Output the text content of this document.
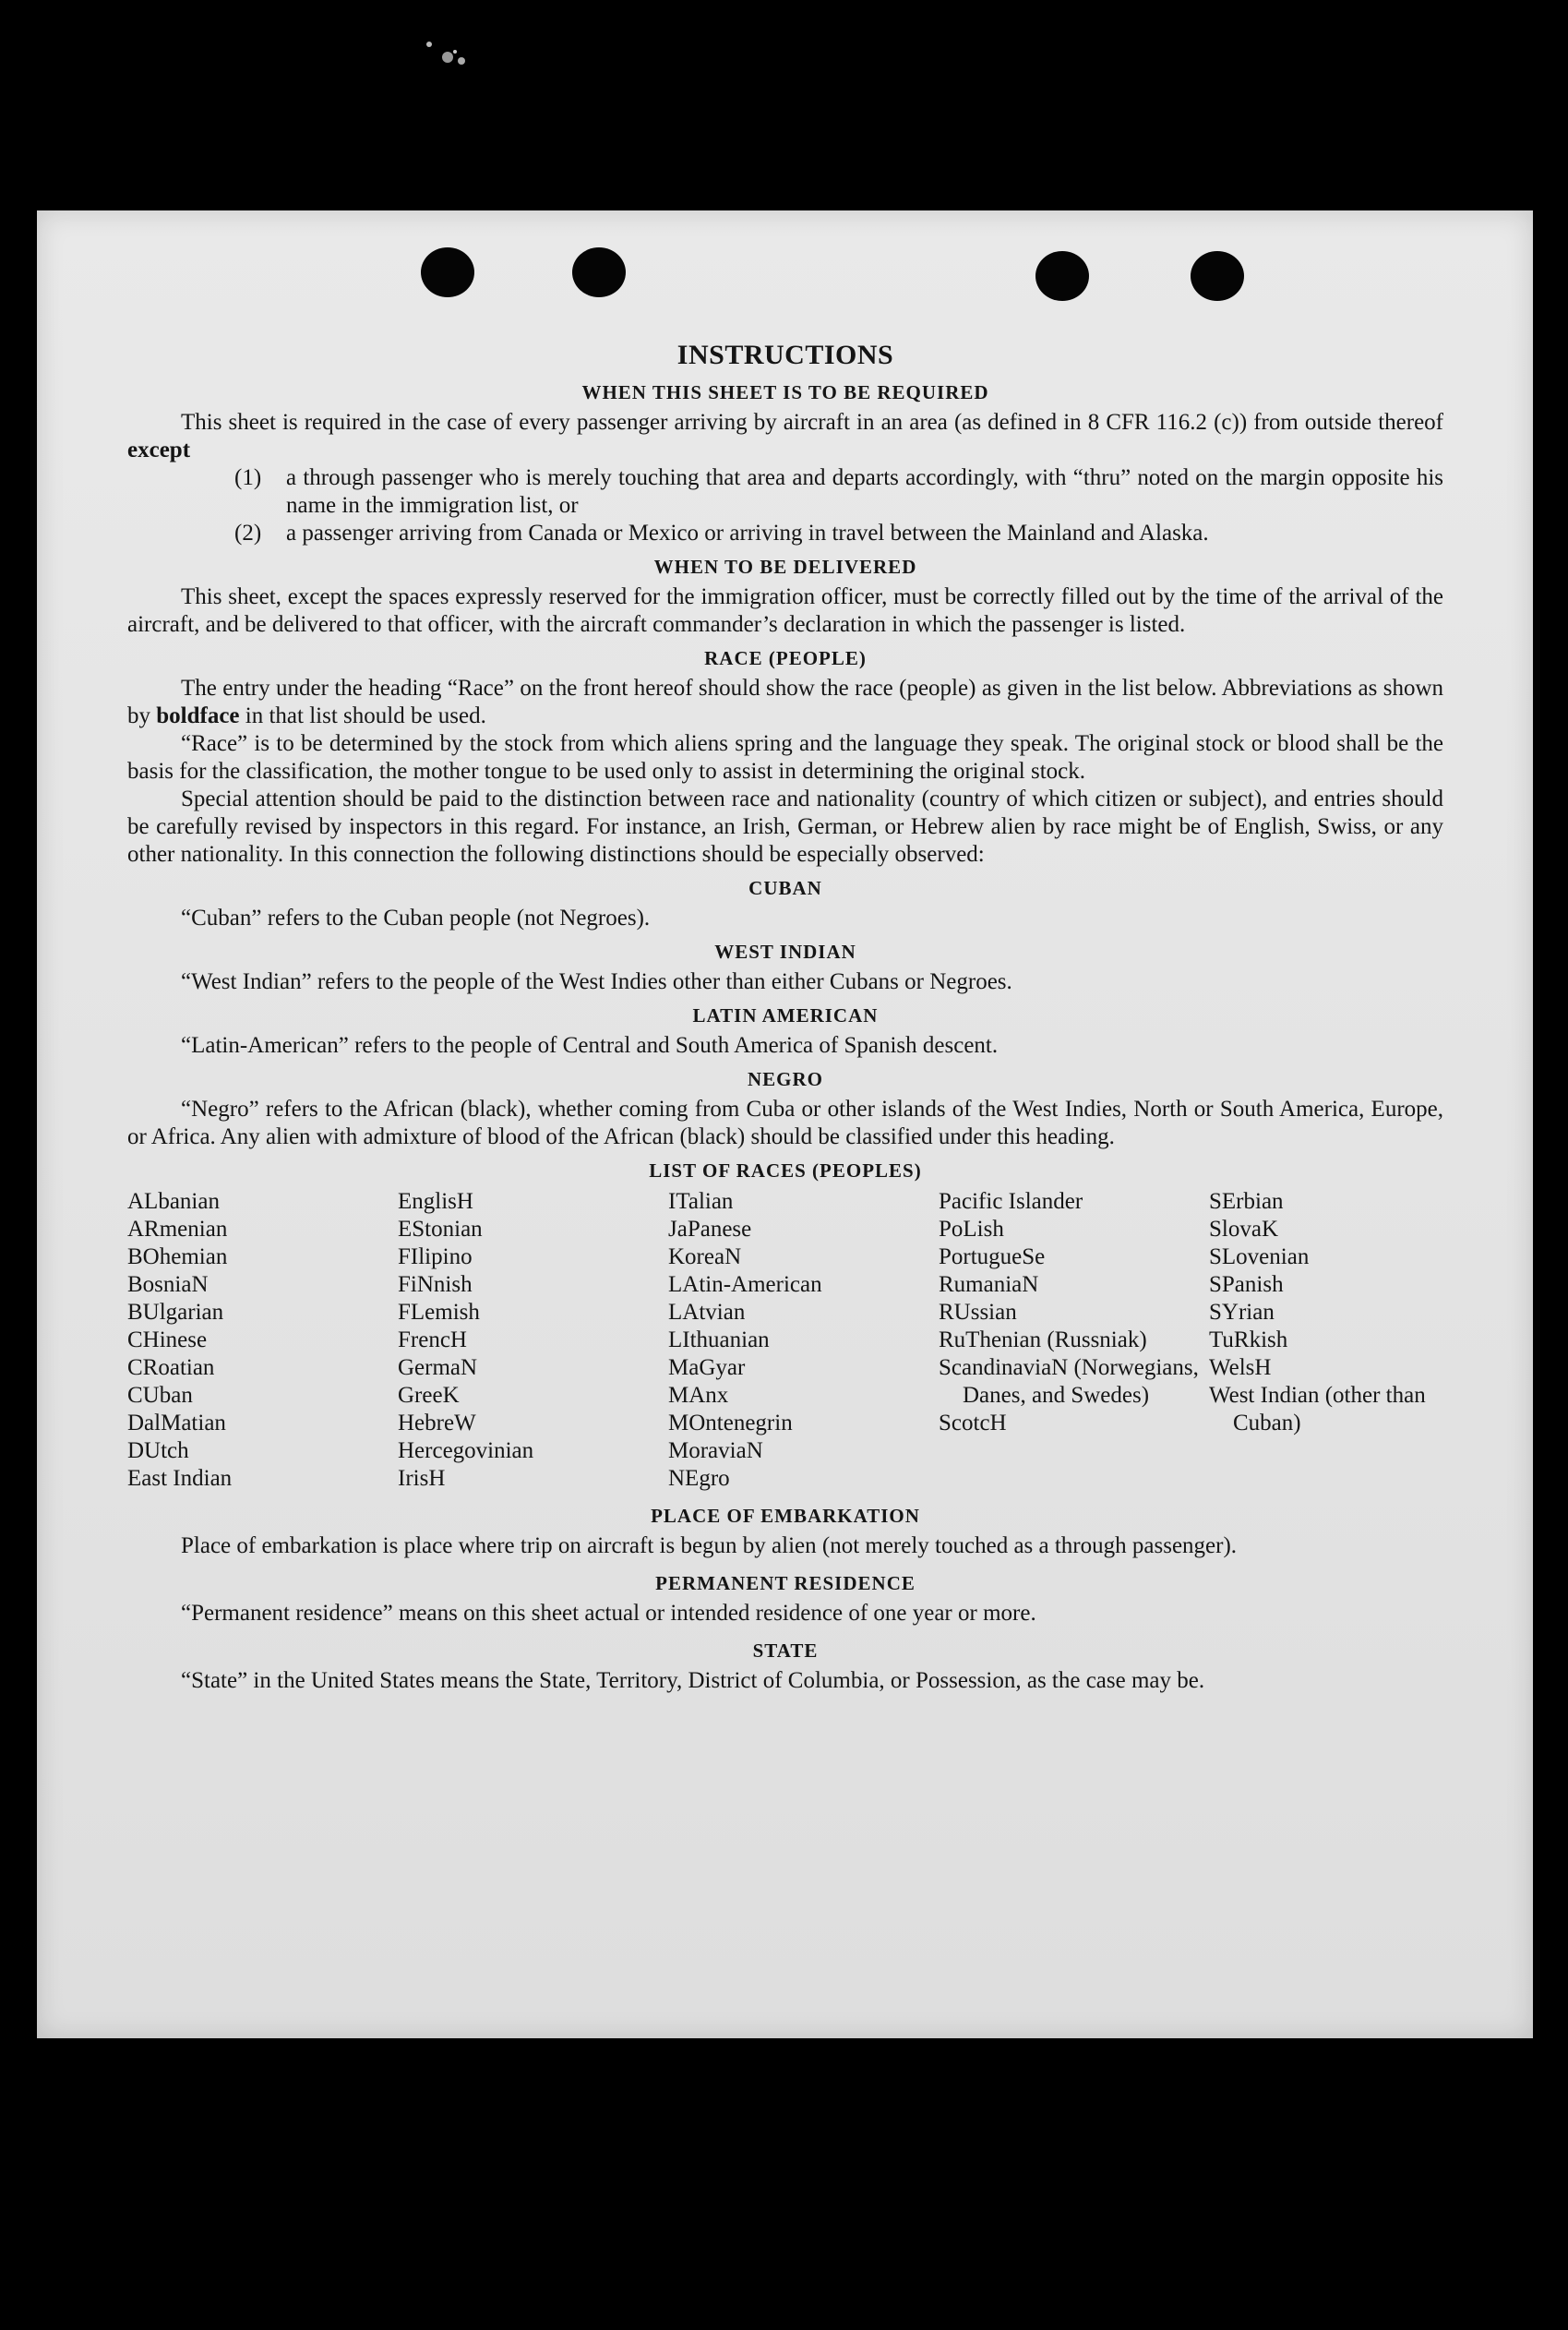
INSTRUCTIONS
WHEN THIS SHEET IS TO BE REQUIRED

This sheet is required in the case of every passenger arriving by aircraft in an area (as defined in 8 CFR 116.2 (c)) from outside thereof except

(1)	a through passenger who is merely touching that area and departs accordingly, with “thru” noted on the margin opposite his name in the immigration list, or
(2)	a passenger arriving from Canada or Mexico or arriving in travel between the Mainland and Alaska.
WHEN TO BE DELIVERED

This sheet, except the spaces expressly reserved for the immigration officer, must be correctly filled out by the time of the arrival of the aircraft, and be delivered to that officer, with the aircraft commander’s declaration in which the passenger is listed.

RACE (PEOPLE)

The entry under the heading “Race” on the front hereof should show the race (people) as given in the list below. Abbreviations as shown by boldface in that list should be used.

“Race” is to be determined by the stock from which aliens spring and the language they speak. The original stock or blood shall be the basis for the classification, the mother tongue to be used only to assist in determining the original stock.

Special attention should be paid to the distinction between race and nationality (country of which citizen or subject), and entries should be carefully revised by inspectors in this regard. For instance, an Irish, German, or Hebrew alien by race might be of English, Swiss, or any other nationality. In this connection the following distinctions should be especially observed:

CUBAN

“Cuban” refers to the Cuban people (not Negroes).

WEST INDIAN

“West Indian” refers to the people of the West Indies other than either Cubans or Negroes.

LATIN AMERICAN

“Latin-American” refers to the people of Central and South America of Spanish descent.

NEGRO

“Negro” refers to the African (black), whether coming from Cuba or other islands of the West Indies, North or South America, Europe, or Africa. Any alien with admixture of blood of the African (black) should be classified under this heading.

LIST OF RACES (PEOPLES)
ALbanian
ARmenian
BOhemian
BosniaN
BUlgarian
CHinese
CRoatian
CUban
DalMatian
DUtch
East Indian
EnglisH
EStonian
FIlipino
FiNnish
FLemish
FrencH
GermaN
GreeK
HebreW
Hercegovinian
IrisH
ITalian
JaPanese
KoreaN
LAtin-American
LAtvian
LIthuanian
MaGyar
MAnx
MOntenegrin
MoraviaN
NEgro
Pacific Islander
PoLish
PortugueSe
RumaniaN
RUssian
RuThenian (Russniak)
ScandinaviaN (Norwegians, Danes, and Swedes)
ScotcH
SErbian
SlovaK
SLovenian
SPanish
SYrian
TuRkish
WelsH
West Indian (other than Cuban)
PLACE OF EMBARKATION

Place of embarkation is place where trip on aircraft is begun by alien (not merely touched as a through passenger).

PERMANENT RESIDENCE

“Permanent residence” means on this sheet actual or intended residence of one year or more.

STATE

“State” in the United States means the State, Territory, District of Columbia, or Possession, as the case may be.
